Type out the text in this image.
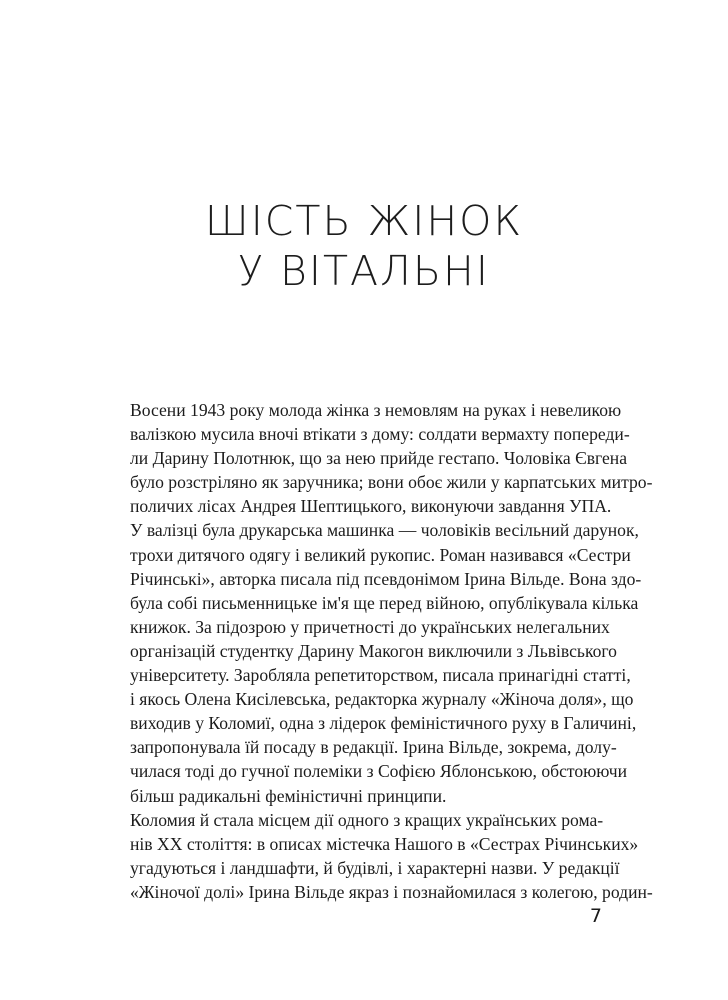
ШІСТЬ ЖІНОК
У ВІТАЛЬНІ
Восени 1943 року молода жінка з немовлям на руках і невеликою
валізкою мусила вночі втікати з дому: солдати вермахту попереди-
ли Дарину Полотнюк, що за нею прийде гестапо. Чоловіка Євгена
було розстріляно як заручника; вони обоє жили у карпатських митро-
поличих лісах Андрея Шептицького, виконуючи завдання УПА.
У валізці була друкарська машинка — чоловіків весільний дарунок,
трохи дитячого одягу і великий рукопис. Роман називався «Сестри
Річинські», авторка писала під псевдонімом Ірина Вільде. Вона здо-
була собі письменницьке ім'я ще перед війною, опублікувала кілька
книжок. За підозрою у причетності до українських нелегальних
організацій студентку Дарину Макогон виключили з Львівського
університету. Заробляла репетиторством, писала принагідні статті,
і якось Олена Кисілевська, редакторка журналу «Жіноча доля», що
виходив у Коломиї, одна з лідерок феміністичного руху в Галичині,
запропонувала їй посаду в редакції. Ірина Вільде, зокрема, долу-
чилася тоді до гучної полеміки з Софією Яблонською, обстоюючи
більш радикальні феміністичні принципи.
Коломия й стала місцем дії одного з кращих українських рома-
нів XX століття: в описах містечка Нашого в «Сестрах Річинських»
угадуються і ландшафти, й будівлі, і характерні назви. У редакції
«Жіночої долі» Ірина Вільде якраз і познайомилася з колегою, родин-
7
